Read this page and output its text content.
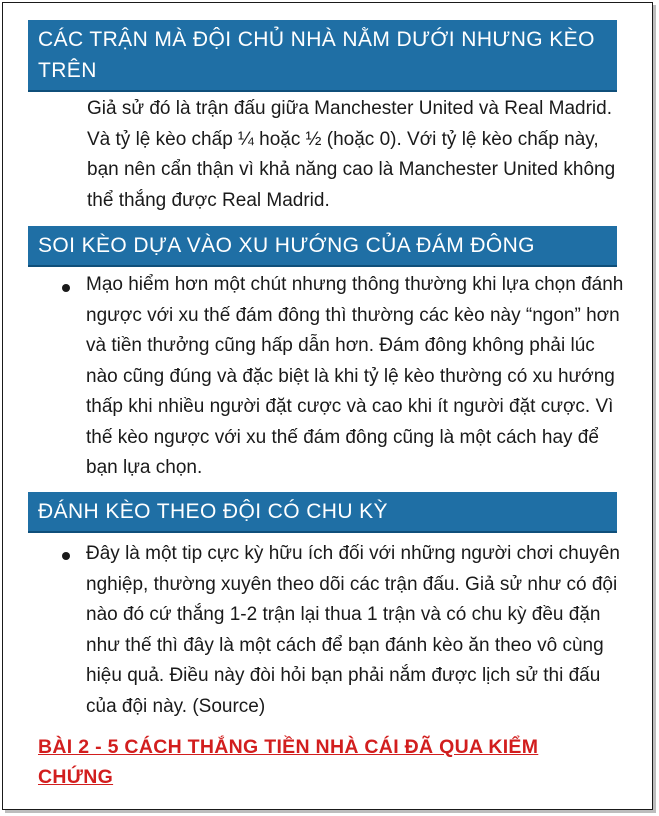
CÁC TRẬN MÀ ĐỘI CHỦ NHÀ NẰM DƯỚI NHƯNG KÈO TRÊN
Giả sử đó là trận đấu giữa Manchester United và Real Madrid. Và tỷ lệ kèo chấp ¼ hoặc ½ (hoặc 0). Với tỷ lệ kèo chấp này, bạn nên cẩn thận vì khả năng cao là Manchester United không thể thắng được Real Madrid.
SOI KÈO DỰA VÀO XU HƯỚNG CỦA ĐÁM ĐÔNG
Mạo hiểm hơn một chút nhưng thông thường khi lựa chọn đánh ngược với xu thế đám đông thì thường các kèo này “ngon” hơn và tiền thưởng cũng hấp dẫn hơn. Đám đông không phải lúc nào cũng đúng và đặc biệt là khi tỷ lệ kèo thường có xu hướng thấp khi nhiều người đặt cược và cao khi ít người đặt cược. Vì thế kèo ngược với xu thế đám đông cũng là một cách hay để bạn lựa chọn.
ĐÁNH KÈO THEO ĐỘI CÓ CHU KỲ
Đây là một tip cực kỳ hữu ích đối với những người chơi chuyên nghiệp, thường xuyên theo dõi các trận đấu. Giả sử như có đội nào đó cứ thắng 1-2 trận lại thua 1 trận và có chu kỳ đều đặn như thế thì đây là một cách để bạn đánh kèo ăn theo vô cùng hiệu quả. Điều này đòi hỏi bạn phải nắm được lịch sử thi đấu của đội này. (Source)
BÀI 2 - 5 CÁCH THẮNG TIỀN NHÀ CÁI ĐÃ QUA KIỂM CHỨNG
